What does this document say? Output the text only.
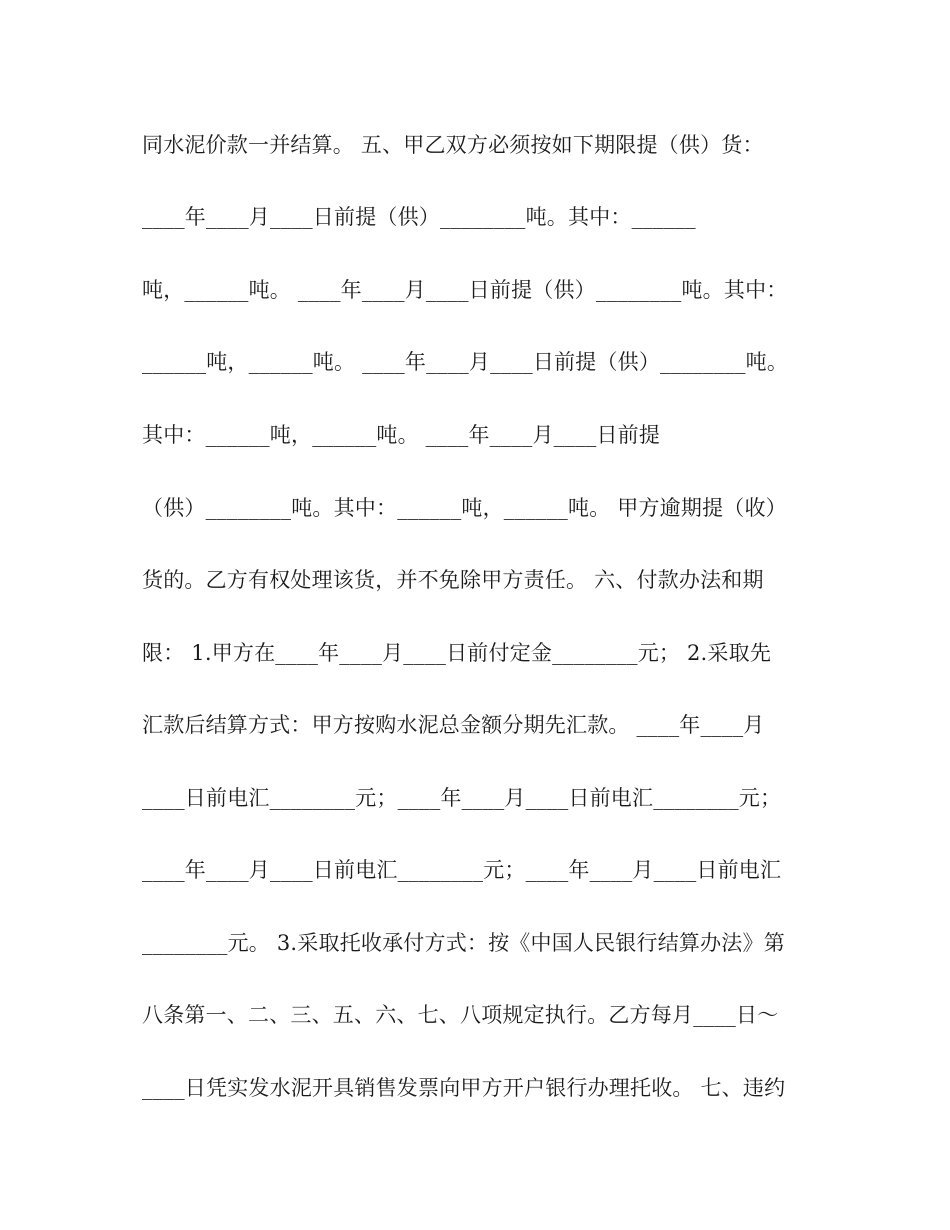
同水泥价款一并结算。 五、甲乙双方必须按如下期限提（供）货：
____年____月____日前提（供）________吨。其中：______
吨，______吨。 ____年____月____日前提（供）________吨。其中：
______吨，______吨。 ____年____月____日前提（供）________吨。
其中：______吨，______吨。 ____年____月____日前提
（供）________吨。其中：______吨，______吨。 甲方逾期提（收）
货的。乙方有权处理该货，并不免除甲方责任。 六、付款办法和期
限： 1.甲方在____年____月____日前付定金________元； 2.采取先
汇款后结算方式：甲方按购水泥总金额分期先汇款。 ____年____月
____日前电汇________元；____年____月____日前电汇________元；
____年____月____日前电汇________元；____年____月____日前电汇
________元。 3.采取托收承付方式：按《中国人民银行结算办法》第
八条第一、二、三、五、六、七、八项规定执行。乙方每月____日～
____日凭实发水泥开具销售发票向甲方开户银行办理托收。 七、违约
